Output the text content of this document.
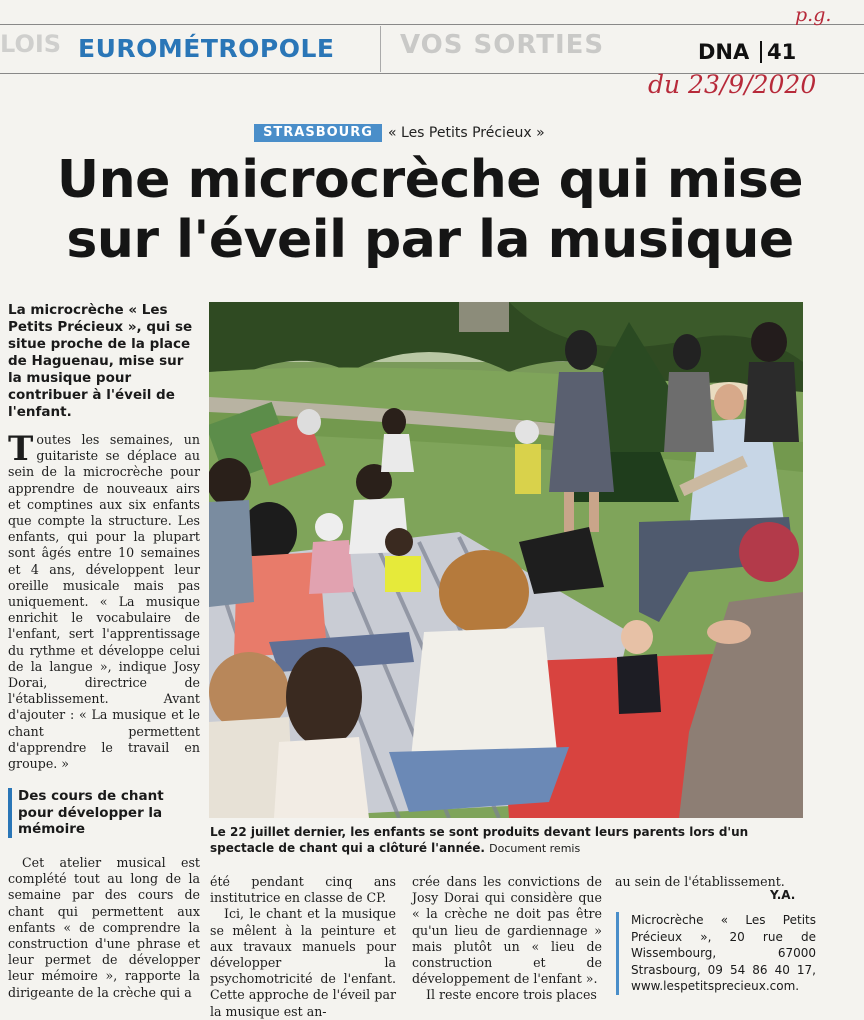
LOIS	VOS SORTIES
EUROMÉTROPOLE	DNA 41
p.g.
du 23/9/2020
STRASBOURG	« Les Petits Précieux »
Une microcrèche qui mise sur l'éveil par la musique

La microcrèche « Les Petits Précieux », qui se situe proche de la place de Haguenau, mise sur la musique pour contribuer à l'éveil de l'enfant.

Toutes les semaines, un guitariste se déplace au sein de la microcrèche pour apprendre de nouveaux airs et comptines aux six enfants que compte la structure. Les enfants, qui pour la plupart sont âgés entre 10 semaines et 4 ans, développent leur oreille musicale mais pas uniquement. « La musique enrichit le vocabulaire de l'enfant, sert l'apprentissage du rythme et développe celui de la langue », indique Josy Dorai, directrice de l'établissement. Avant d'ajouter : « La musique et le chant permettent d'apprendre le travail en groupe. »
Des cours de chant pour développer la mémoire

Cet atelier musical est complété tout au long de la semaine par des cours de chant qui permettent aux enfants « de comprendre la construction d'une phrase et leur permet de développer leur mémoire », rapporte la dirigeante de la crèche qui a

été pendant cinq ans institutrice en classe de CP.

Ici, le chant et la musique se mêlent à la peinture et aux travaux manuels pour développer la psychomotricité de l'enfant. Cette approche de l'éveil par la musique est an-

crée dans les convictions de Josy Dorai qui considère que « la crèche ne doit pas être qu'un lieu de gardiennage » mais plutôt un « lieu de construction et de développement de l'enfant ».

Il reste encore trois places

au sein de l'établissement.

Y.A.

Microcrèche « Les Petits Précieux », 20 rue de Wissembourg, 67000 Strasbourg, 09 54 86 40 17, www.lespetitsprecieux.com.

Le 22 juillet dernier, les enfants se sont produits devant leurs parents lors d'un spectacle de chant qui a clôturé l'année. Document remis
